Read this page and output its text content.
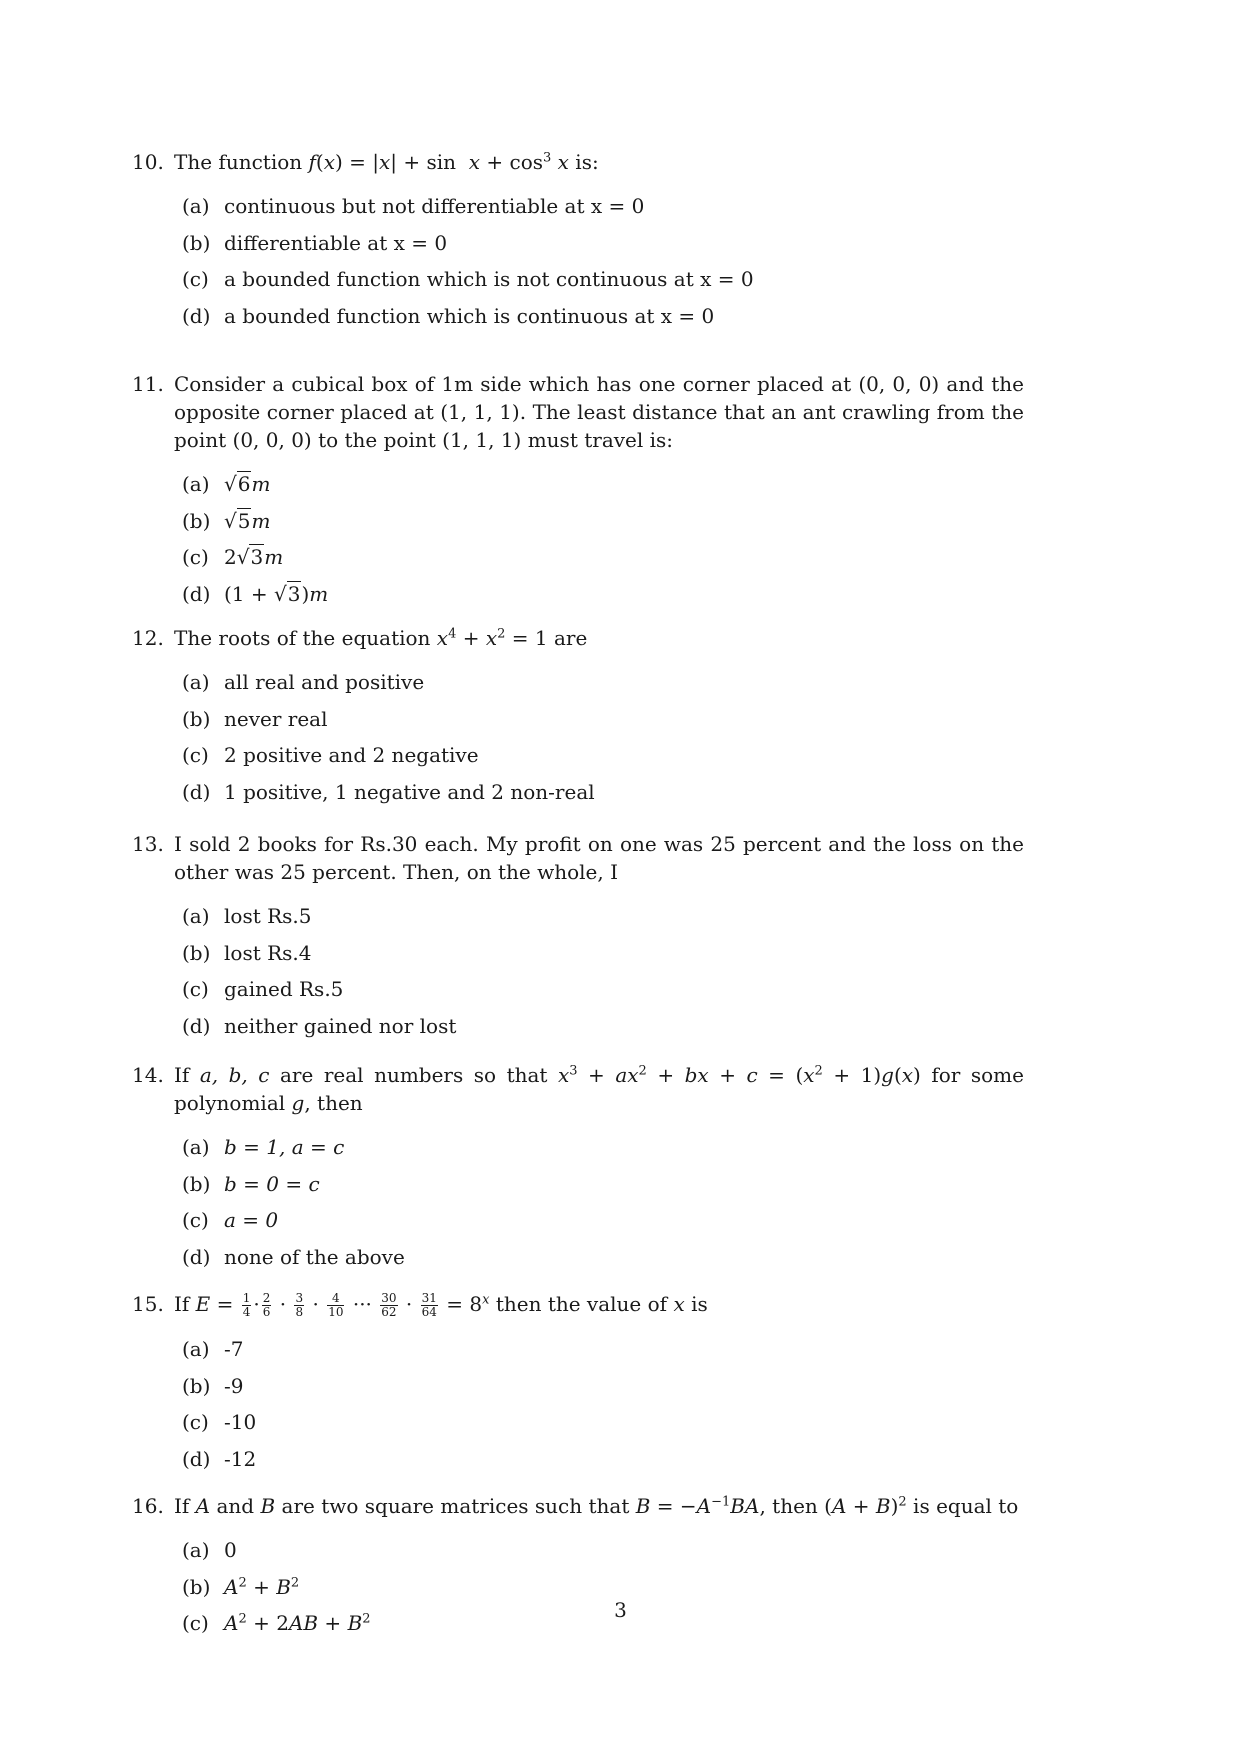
10. The function $f(x) = |x| + \sin x + \cos^3 x$ is:
(a) continuous but not differentiable at x = 0
(b) differentiable at x = 0
(c) a bounded function which is not continuous at x = 0
(d) a bounded function which is continuous at x = 0
11. Consider a cubical box of 1m side which has one corner placed at (0, 0, 0) and the opposite corner placed at (1, 1, 1). The least distance that an ant crawling from the point (0, 0, 0) to the point (1, 1, 1) must travel is:
(a) √6m
(b) √5m
(c) 2√3m
(d) (1 + √3)m
12. The roots of the equation $x^4 + x^2 = 1$ are
(a) all real and positive
(b) never real
(c) 2 positive and 2 negative
(d) 1 positive, 1 negative and 2 non-real
13. I sold 2 books for Rs.30 each. My profit on one was 25 percent and the loss on the other was 25 percent. Then, on the whole, I
(a) lost Rs.5
(b) lost Rs.4
(c) gained Rs.5
(d) neither gained nor lost
14. If a, b, c are real numbers so that $x^3 + ax^2$ + bx + $c = (x^2 + 1)g(x)$ for some polynomial g, then
(a) b = 1, a = c
(b) b = 0 = c
(c) a = 0
(d) none of the above
15. If $E = \frac{1}{4} \cdot \frac{2}{6} \cdot \frac{3}{8} \cdot \frac{4}{10}$ ··· $\frac{30}{62} \cdot \frac{31}{64} = 8^x$ then the value of x is
(a) -7
(b) -9
(c) -10
(d) -12
16. If A and B are two square matrices such that $B = -A^{-1}BA$, then $(A + B)^2$ is equal to
(a) 0
(b) $A^2 + B^2$
(c) $A^2 + 2AB + B^2$	3
